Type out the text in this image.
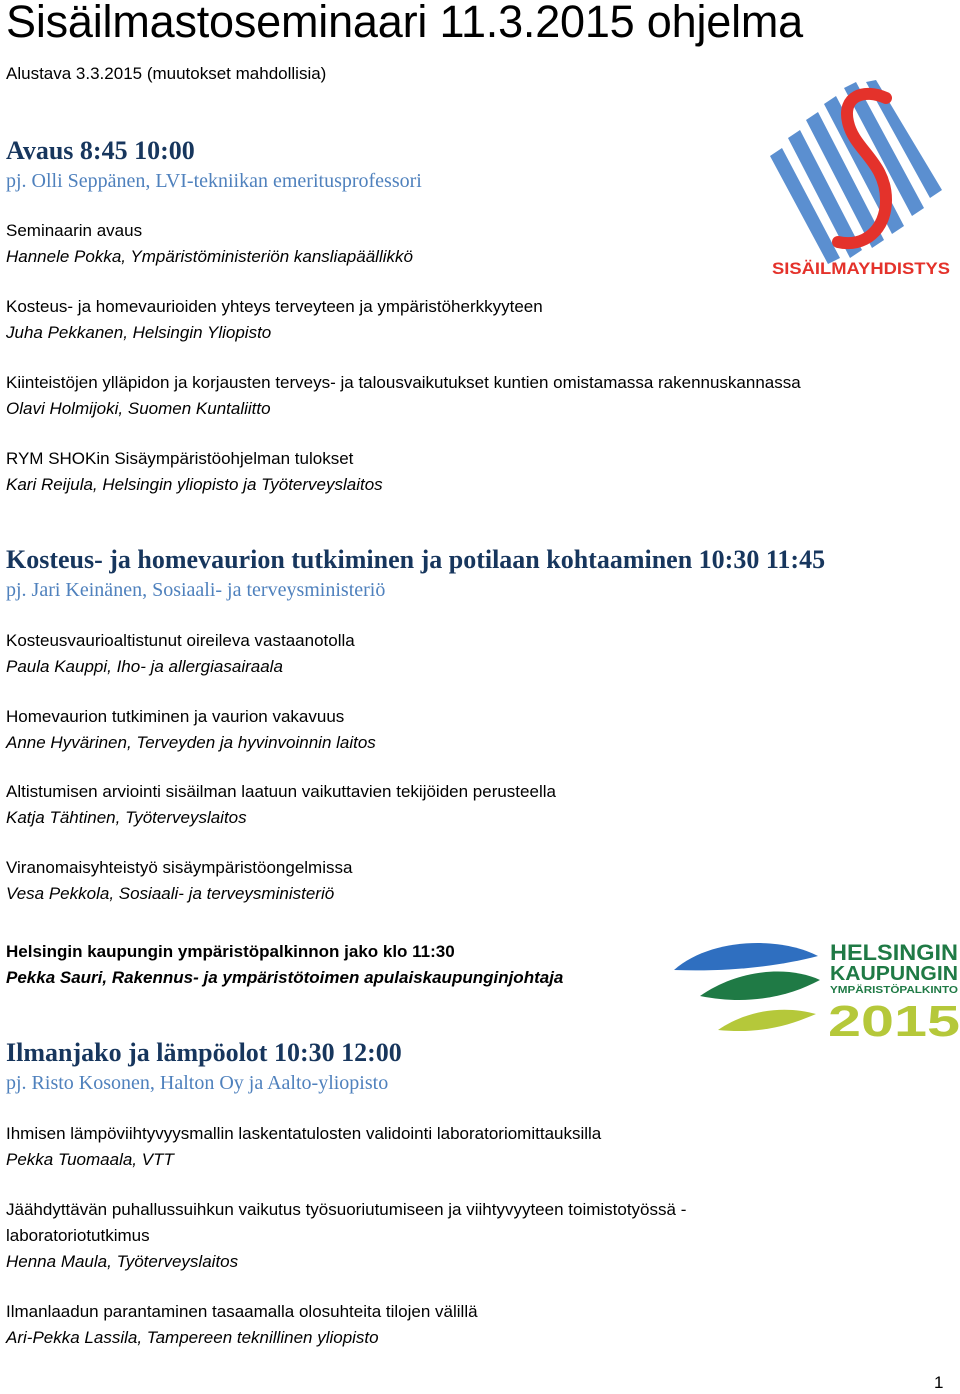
Sisäilmastoseminaari 11.3.2015 ohjelma
Alustava 3.3.2015 (muutokset mahdollisia)
Avaus 8:45 10:00
pj. Olli Seppänen, LVI-tekniikan emeritusprofessori
Seminaarin avaus
Hannele Pokka, Ympäristöministeriön kansliapäällikkö
Kosteus- ja homevaurioiden yhteys terveyteen ja ympäristöherkkyyteen
Juha Pekkanen, Helsingin Yliopisto
Kiinteistöjen ylläpidon ja korjausten terveys- ja talousvaikutukset kuntien omistamassa rakennuskannassa
Olavi Holmijoki, Suomen Kuntaliitto
RYM SHOKin Sisäympäristöohjelman tulokset
Kari Reijula, Helsingin yliopisto ja Työterveyslaitos
Kosteus- ja homevaurion tutkiminen ja potilaan kohtaaminen 10:30 11:45
pj. Jari Keinänen, Sosiaali- ja terveysministeriö
Kosteusvaurioaltistunut oireileva vastaanotolla
Paula Kauppi, Iho- ja allergiasairaala
Homevaurion tutkiminen ja vaurion vakavuus
Anne Hyvärinen, Terveyden ja hyvinvoinnin laitos
Altistumisen arviointi sisäilman laatuun vaikuttavien tekijöiden perusteella
Katja Tähtinen, Työterveyslaitos
Viranomaisyhteistyö sisäympäristöongelmissa
Vesa Pekkola, Sosiaali- ja terveysministeriö
Helsingin kaupungin ympäristöpalkinnon jako klo 11:30
Pekka Sauri, Rakennus- ja ympäristötoimen apulaiskaupunginjohtaja
Ilmanjako ja lämpöolot 10:30 12:00
pj. Risto Kosonen, Halton Oy ja Aalto-yliopisto
Ihmisen lämpöviihtyvyysmallin laskentatulosten validointi laboratoriomittauksilla
Pekka Tuomaala, VTT
Jäähdyttävän puhallussuihkun vaikutus työsuoriutumiseen ja viihtyvyyteen toimistotyössä -
laboratoriotutkimus
Henna Maula, Työterveyslaitos
Ilmanlaadun parantaminen tasaamalla olosuhteita tilojen välillä
Ari-Pekka Lassila, Tampereen teknillinen yliopisto
1
SISÄILMAYHDISTYS
HELSINGIN
KAUPUNGIN
YMPÄRISTÖPALKINTO
2015
